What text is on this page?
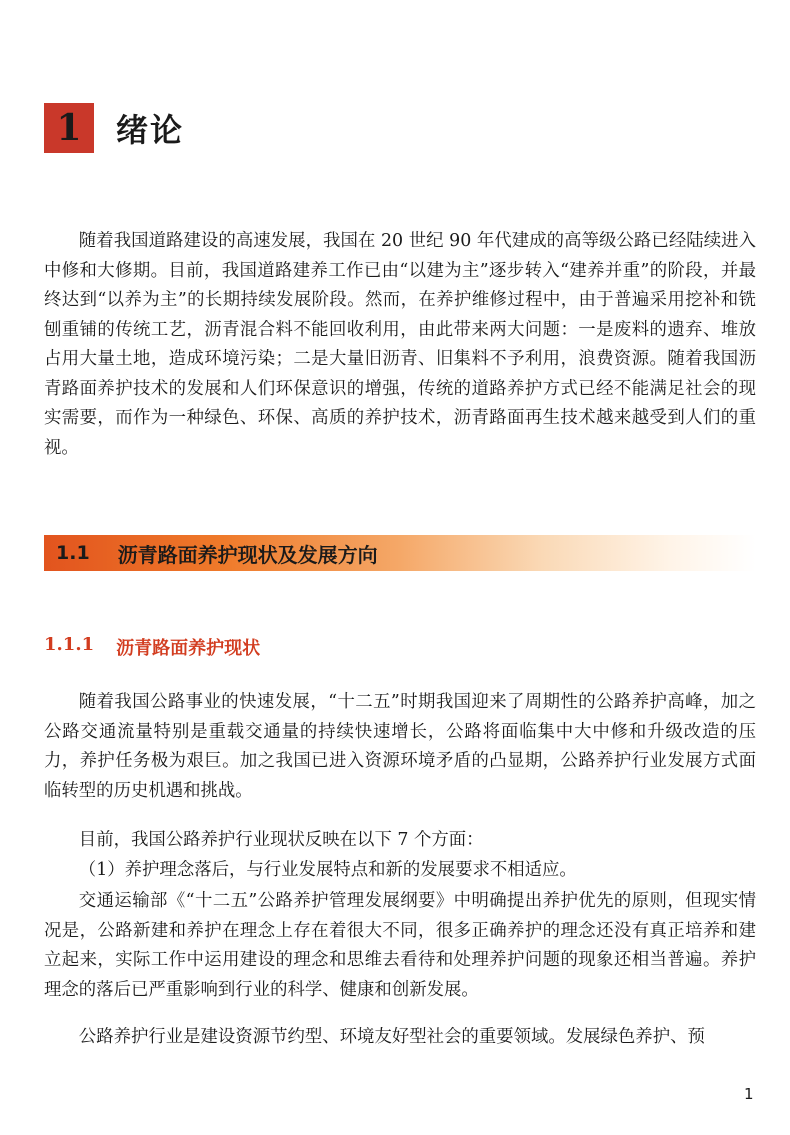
1	绪论

随着我国道路建设的高速发展，我国在 20 世纪 90 年代建成的高等级公路已经陆续进入中修和大修期。目前，我国道路建养工作已由“以建为主”逐步转入“建养并重”的阶段，并最终达到“以养为主”的长期持续发展阶段。然而，在养护维修过程中，由于普遍采用挖补和铣刨重铺的传统工艺，沥青混合料不能回收利用，由此带来两大问题：一是废料的遗弃、堆放占用大量土地，造成环境污染；二是大量旧沥青、旧集料不予利用，浪费资源。随着我国沥青路面养护技术的发展和人们环保意识的增强，传统的道路养护方式已经不能满足社会的现实需要，而作为一种绿色、环保、高质的养护技术，沥青路面再生技术越来越受到人们的重视。

1.1 沥青路面养护现状及发展方向
1.1.1 沥青路面养护现状

随着我国公路事业的快速发展，“十二五”时期我国迎来了周期性的公路养护高峰，加之公路交通流量特别是重载交通量的持续快速增长，公路将面临集中大中修和升级改造的压力，养护任务极为艰巨。加之我国已进入资源环境矛盾的凸显期，公路养护行业发展方式面临转型的历史机遇和挑战。

目前，我国公路养护行业现状反映在以下 7 个方面：

（1）养护理念落后，与行业发展特点和新的发展要求不相适应。

交通运输部《“十二五”公路养护管理发展纲要》中明确提出养护优先的原则，但现实情况是，公路新建和养护在理念上存在着很大不同，很多正确养护的理念还没有真正培养和建立起来，实际工作中运用建设的理念和思维去看待和处理养护问题的现象还相当普遍。养护理念的落后已严重影响到行业的科学、健康和创新发展。

公路养护行业是建设资源节约型、环境友好型社会的重要领域。发展绿色养护、预

1
